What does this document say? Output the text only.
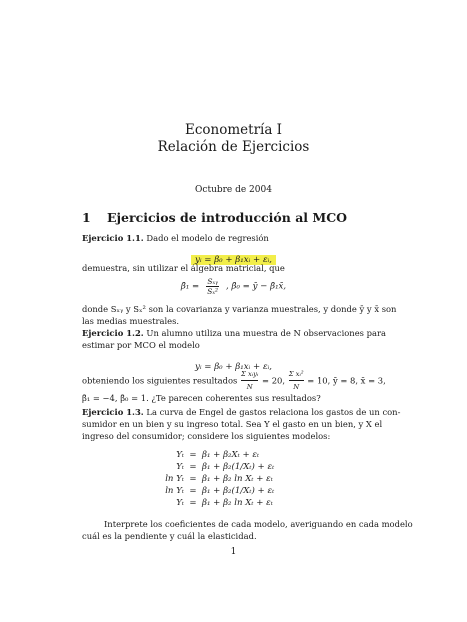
Econometría I
Relación de Ejercicios
Octubre de 2004
1 Ejercicios de introducción al MCO
Ejercicio 1.1. Dado el modelo de regresión
yᵢ = β₀ + β₁xᵢ + εᵢ,
demuestra, sin utilizar el álgebra matricial, que
β̂₁ = Sₓᵧ
Sₓ² , β̂₀ = ȳ − β̂₁x̄,
donde Sₓᵧ y Sₓ² son la covarianza y varianza muestrales, y donde ȳ y x̄ son
las medias muestrales.
Ejercicio 1.2. Un alumno utiliza una muestra de N observaciones para
estimar por MCO el modelo
yᵢ = β₀ + β₁xᵢ + εᵢ,
obteniendo los siguientes resultados
Σ xᵢyᵢ
N
= 20, $\frac{\text{Σ xᵢ²}}{N} = 10$, ȳ = 8, x̄ = 3,
β̂₁ = −4, β̂₀ = 1. ¿Te parecen coherentes sus resultados?
Ejercicio 1.3. La curva de Engel de gastos relaciona los gastos de un con-
sumidor en un bien y su ingreso total. Sea Y el gasto en un bien, y X el
ingreso del consumidor; considere los siguientes modelos:
Yₜ = β₁ + β₂Xₜ + εₜ
Yₜ = β₁ + β₂(1/Xₜ) + εₜ
ln Yₜ = β₁ + β₂ ln Xₜ + εₜ
ln Yₜ = β₁ + β₂(1/Xₜ) + εₜ
Yₜ = β₁ + β₂ ln Xₜ + εₜ
Interprete los coeficientes de cada modelo, averiguando en cada modelo
cuál es la pendiente y cuál la elasticidad.
1
